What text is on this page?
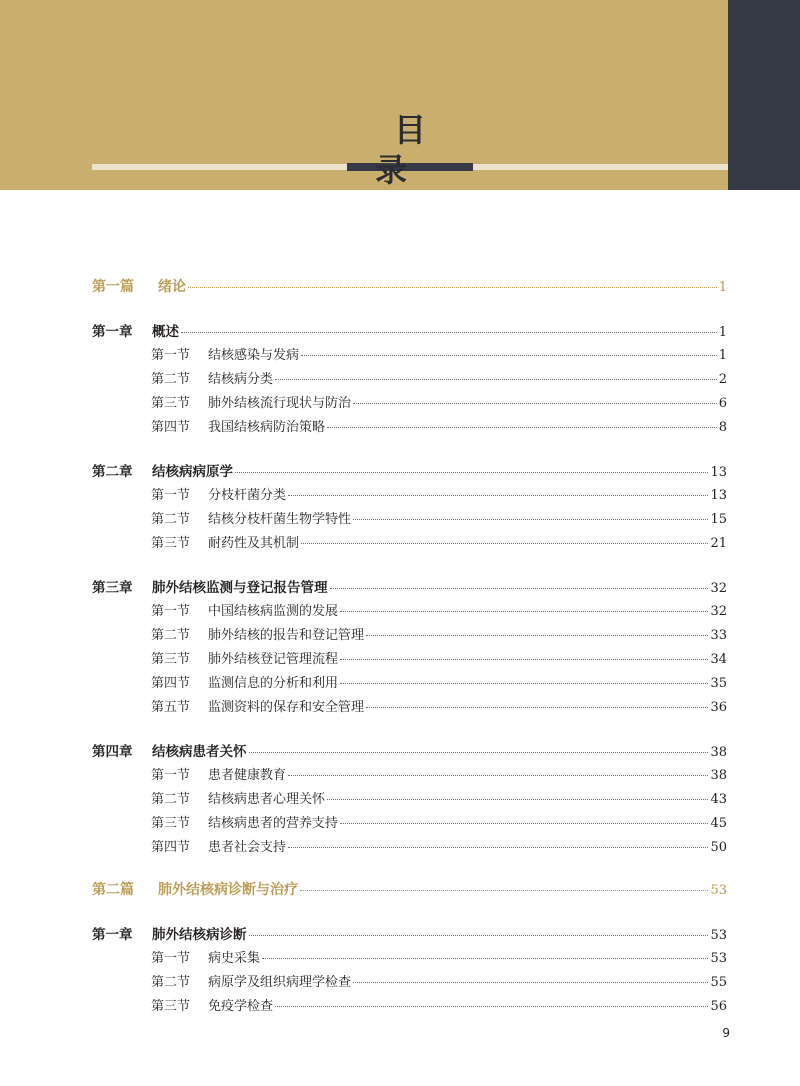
目　录
第一篇 绪论	1
第一章 概述	1
第一节 结核感染与发病	1
第二节 结核病分类	2
第三节 肺外结核流行现状与防治	6
第四节 我国结核病防治策略	8
第二章 结核病病原学	13
第一节 分枝杆菌分类	13
第二节 结核分枝杆菌生物学特性	15
第三节 耐药性及其机制	21
第三章 肺外结核监测与登记报告管理	32
第一节 中国结核病监测的发展	32
第二节 肺外结核的报告和登记管理	33
第三节 肺外结核登记管理流程	34
第四节 监测信息的分析和利用	35
第五节 监测资料的保存和安全管理	36
第四章 结核病患者关怀	38
第一节 患者健康教育	38
第二节 结核病患者心理关怀	43
第三节 结核病患者的营养支持	45
第四节 患者社会支持	50
第二篇 肺外结核病诊断与治疗	53
第一章 肺外结核病诊断	53
第一节 病史采集	53
第二节 病原学及组织病理学检查	55
第三节 免疫学检查	56
9
